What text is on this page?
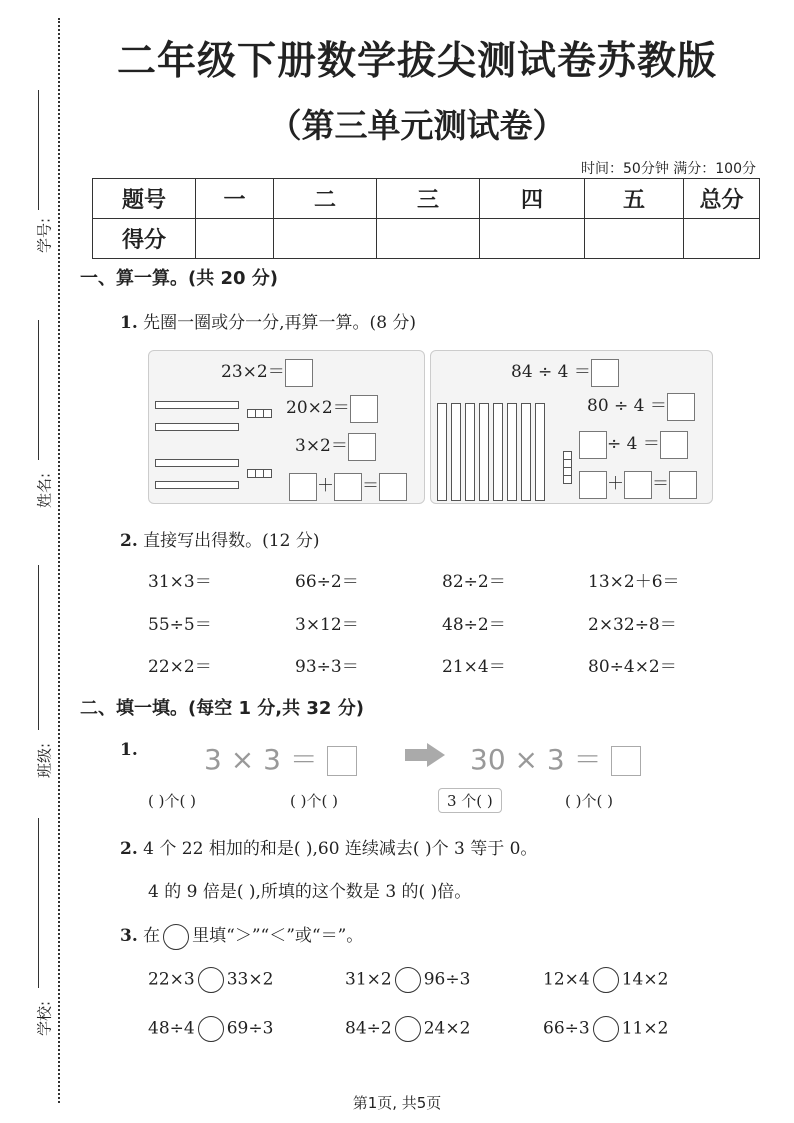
学号:
姓名:
班级:
学校:
二年级下册数学拔尖测试卷苏教版
（第三单元测试卷）
时间：50分钟 满分：100分
题号	一	二	三	四	五	总分
得分						
一、算一算。(共 20 分)
1. 先圈一圈或分一分,再算一算。(8 分)
23×2＝
20×2＝
3×2＝
＋ ＝
84 ÷ 4 ＝
80 ÷ 4 ＝
÷ 4 ＝
＋ ＝
2. 直接写出得数。(12 分)
31×3＝	66÷2＝	82÷2＝	13×2＋6＝
55÷5＝	3×12＝	48÷2＝	2×32÷8＝
22×2＝	93÷3＝	21×4＝	80÷4×2＝
二、填一填。(每空 1 分,共 32 分)
1. 3 × 3 ＝	30 × 3 ＝
( )个( )	( )个( )	3 个( )	( )个( )
2. 4 个 22 相加的和是( ),60 连续减去( )个 3 等于 0。
4 的 9 倍是( ),所填的这个数是 3 的( )倍。
3. 在 里填“＞”“＜”或“＝”。
22×3 33×2	31×2 96÷3	12×4 14×2
48÷4 69÷3	84÷2 24×2	66÷3 11×2
第1页, 共5页
